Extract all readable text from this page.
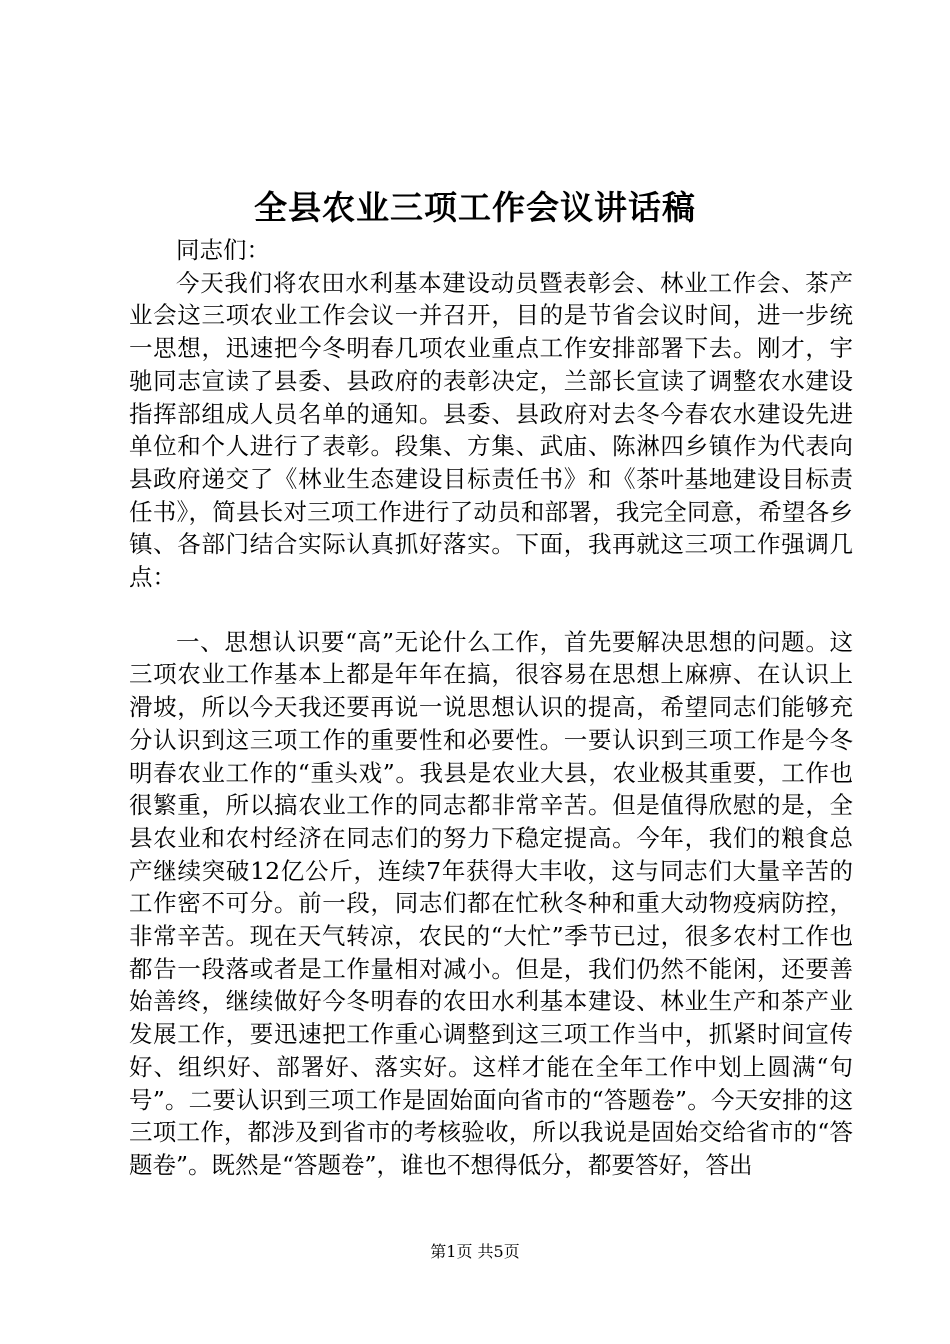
全县农业三项工作会议讲话稿

同志们：

今天我们将农田水利基本建设动员暨表彰会、林业工作会、茶产业会这三项农业工作会议一并召开，目的是节省会议时间，进一步统一思想，迅速把今冬明春几项农业重点工作安排部署下去。刚才，宇驰同志宣读了县委、县政府的表彰决定，兰部长宣读了调整农水建设指挥部组成人员名单的通知。县委、县政府对去冬今春农水建设先进单位和个人进行了表彰。段集、方集、武庙、陈淋四乡镇作为代表向县政府递交了《林业生态建设目标责任书》和《茶叶基地建设目标责任书》，简县长对三项工作进行了动员和部署，我完全同意，希望各乡镇、各部门结合实际认真抓好落实。下面，我再就这三项工作强调几点：

一、思想认识要“高”无论什么工作，首先要解决思想的问题。这三项农业工作基本上都是年年在搞，很容易在思想上麻痹、在认识上滑坡，所以今天我还要再说一说思想认识的提高，希望同志们能够充分认识到这三项工作的重要性和必要性。一要认识到三项工作是今冬明春农业工作的“重头戏”。我县是农业大县，农业极其重要，工作也很繁重，所以搞农业工作的同志都非常辛苦。但是值得欣慰的是，全县农业和农村经济在同志们的努力下稳定提高。今年，我们的粮食总产继续突破12亿公斤，连续7年获得大丰收，这与同志们大量辛苦的工作密不可分。前一段，同志们都在忙秋冬种和重大动物疫病防控，非常辛苦。现在天气转凉，农民的“大忙”季节已过，很多农村工作也都告一段落或者是工作量相对减小。但是，我们仍然不能闲，还要善始善终，继续做好今冬明春的农田水利基本建设、林业生产和茶产业发展工作，要迅速把工作重心调整到这三项工作当中，抓紧时间宣传好、组织好、部署好、落实好。这样才能在全年工作中划上圆满“句号”。二要认识到三项工作是固始面向省市的“答题卷”。今天安排的这三项工作，都涉及到省市的考核验收，所以我说是固始交给省市的“答题卷”。既然是“答题卷”，谁也不想得低分，都要答好，答出

第1页 共5页
